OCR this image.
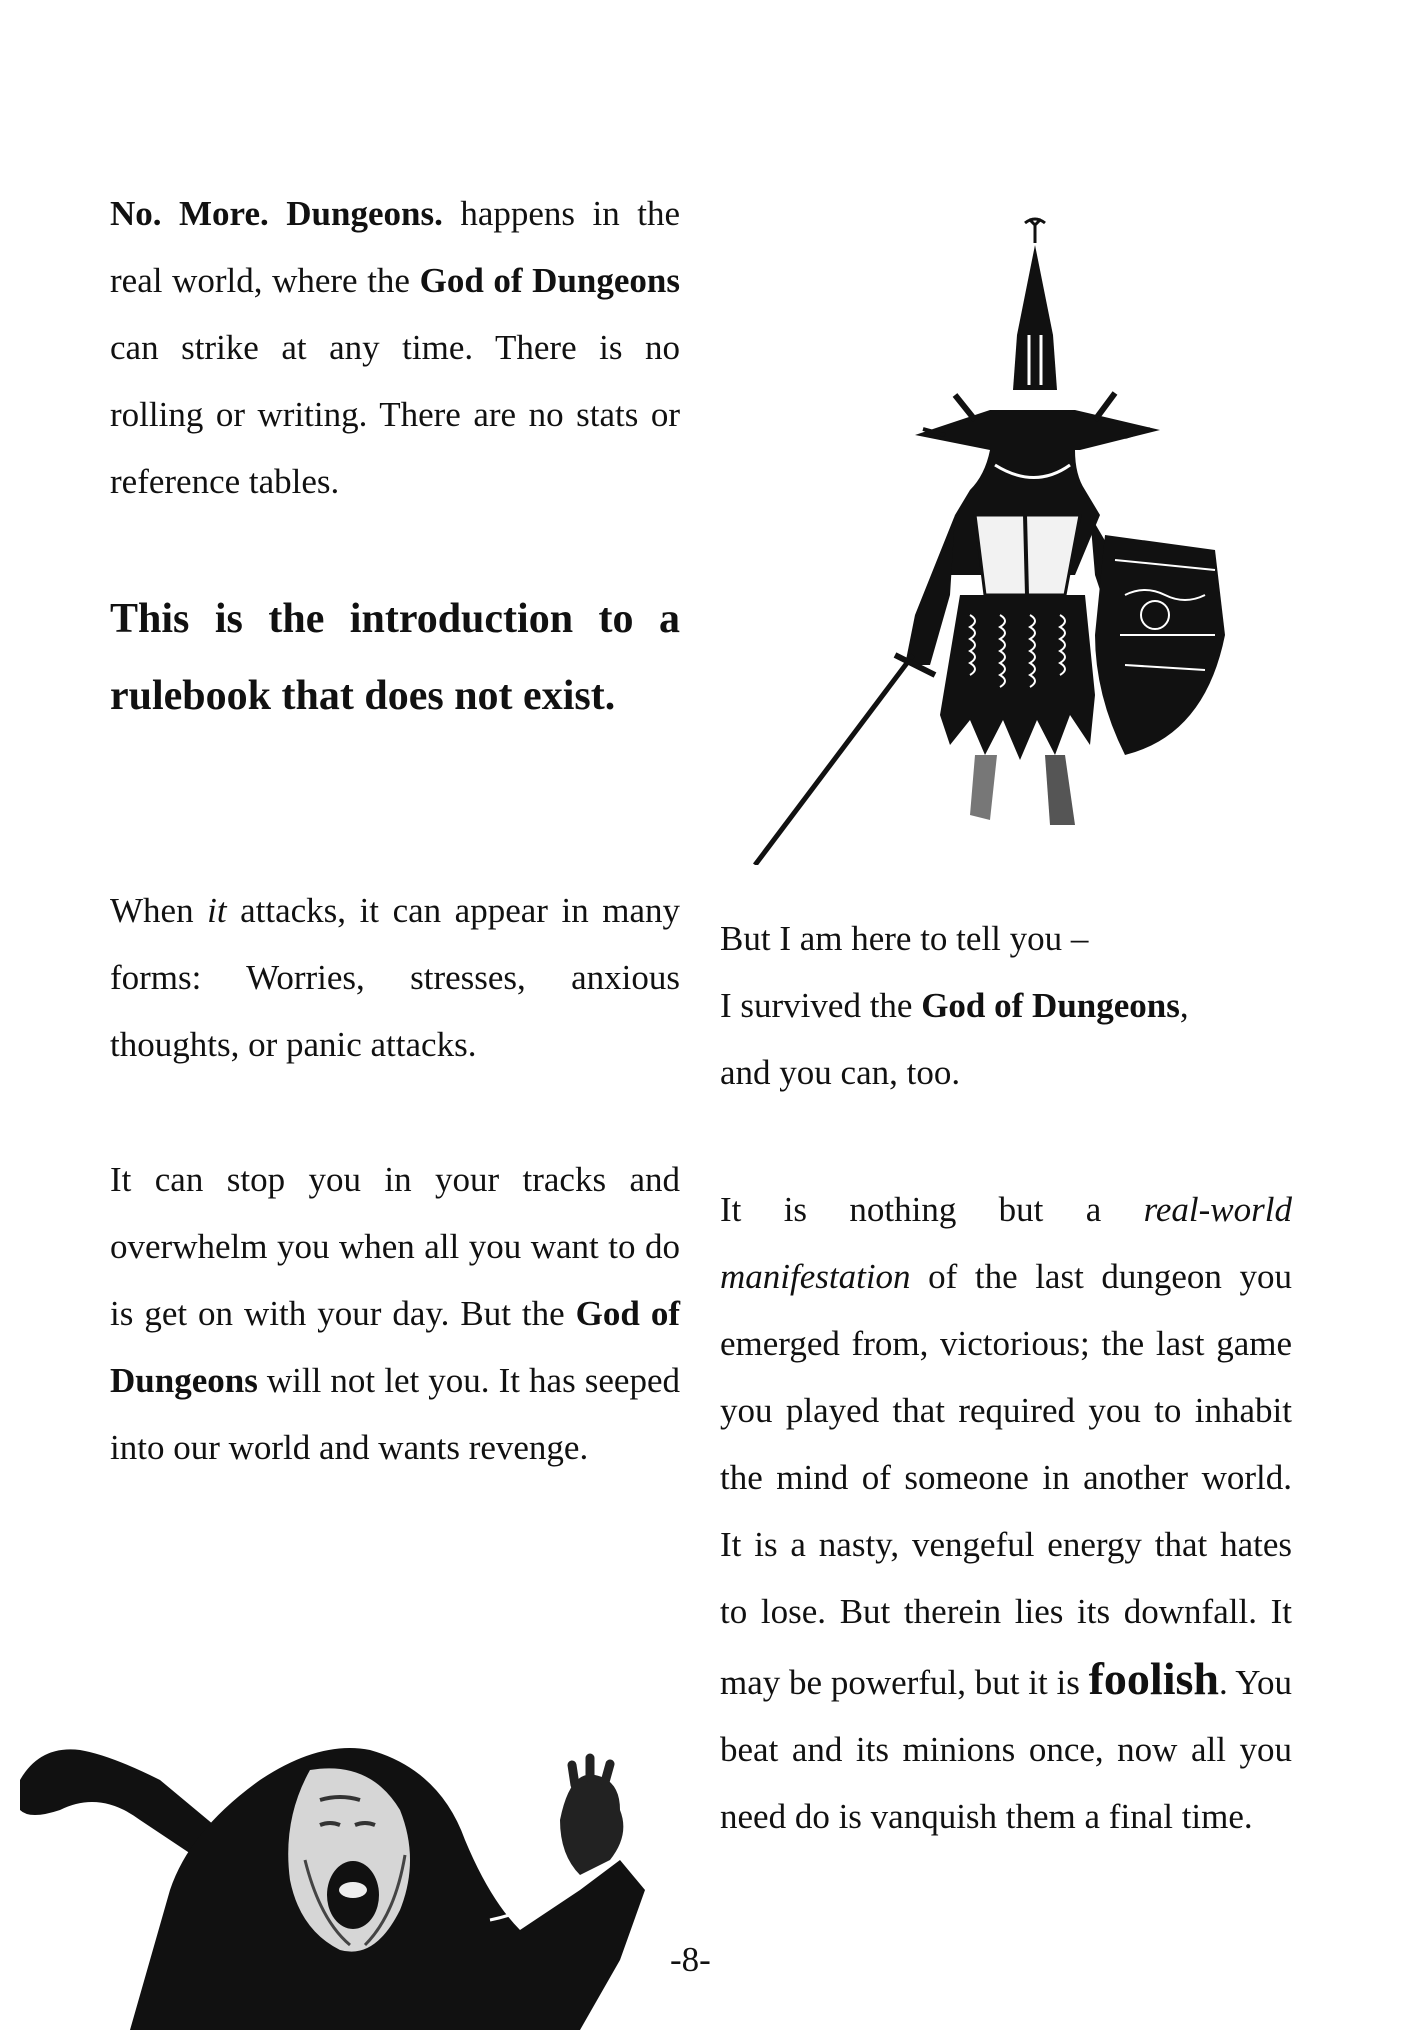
No. More. Dungeons. happens in the real world, where the God of Dungeons can strike at any time. There is no rolling or writing. There are no stats or reference tables.

This is the introduction to a rulebook that does not exist.

When it attacks, it can appear in many forms: Worries, stresses, anxious thoughts, or panic attacks.

It can stop you in your tracks and overwhelm you when all you want to do is get on with your day. But the God of Dungeons will not let you. It has seeped into our world and wants revenge.

But I am here to tell you –
I survived the God of Dungeons,
and you can, too.

It is nothing but a real-world manifestation of the last dungeon you emerged from, victorious; the last game you played that required you to inhabit the mind of someone in another world. It is a nasty, vengeful energy that hates to lose. But therein lies its downfall. It may be powerful, but it is foolish. You beat and its minions once, now all you need do is vanquish them a final time.

-8-
